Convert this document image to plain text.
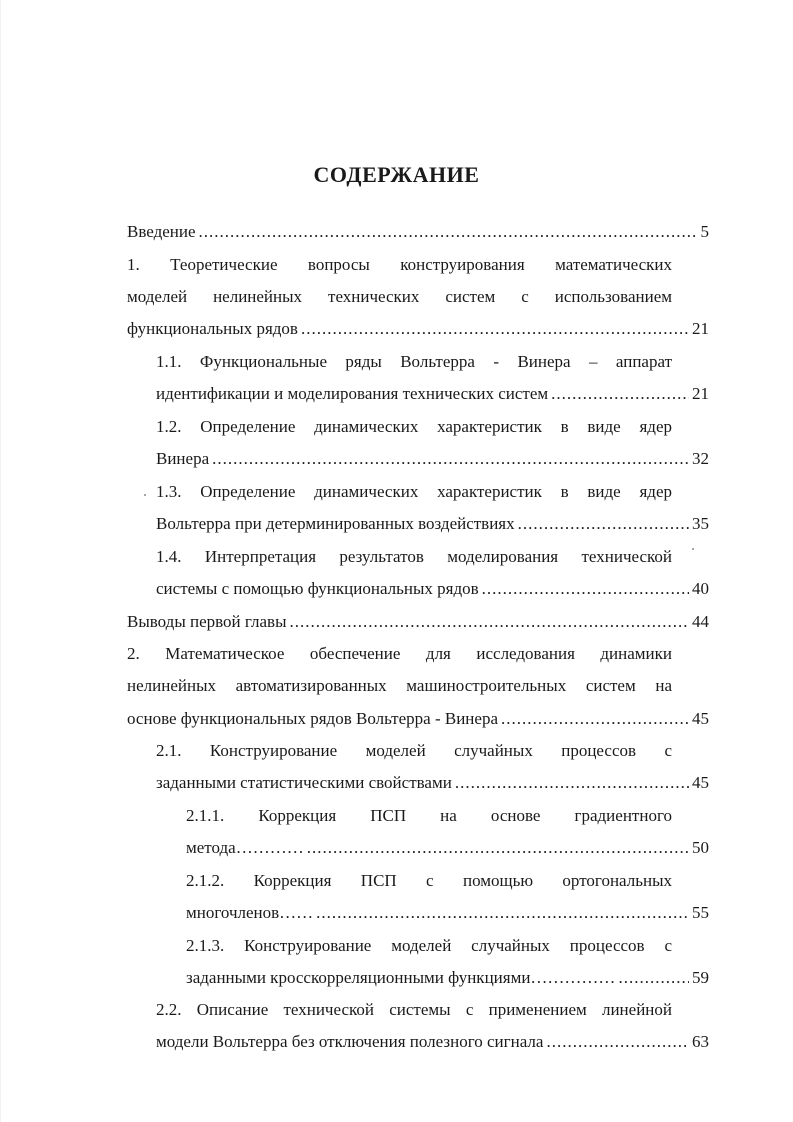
СОДЕРЖАНИЕ
Введение .....	5
1. Теоретические вопросы конструирования математических
моделей нелинейных технических систем с использованием
функциональных рядов .....	21
1.1. Функциональные ряды Вольтерра - Винера – аппарат
идентификации и моделирования технических систем .....	21
1.2. Определение динамических характеристик в виде ядер
Винера .....	32
1.3. Определение динамических характеристик в виде ядер
Вольтерра при детерминированных воздействиях .....	35
1.4. Интерпретация результатов моделирования технической
системы с помощью функциональных рядов .....	40
Выводы первой главы .....	44
2. Математическое обеспечение для исследования динамики
нелинейных автоматизированных машиностроительных систем на
основе функциональных рядов Вольтерра - Винера .....	45
2.1. Конструирование моделей случайных процессов с
заданными статистическими свойствами .....	45
2.1.1. Коррекция ПСП на основе градиентного
метода………… .....	50
2.1.2. Коррекция ПСП с помощью ортогональных
многочленов…… .....	55
2.1.3. Конструирование моделей случайных процессов с
заданными кросскорреляционными функциями…………… .....	59
2.2. Описание технической системы с применением линейной
модели Вольтерра без отключения полезного сигнала .....	63
